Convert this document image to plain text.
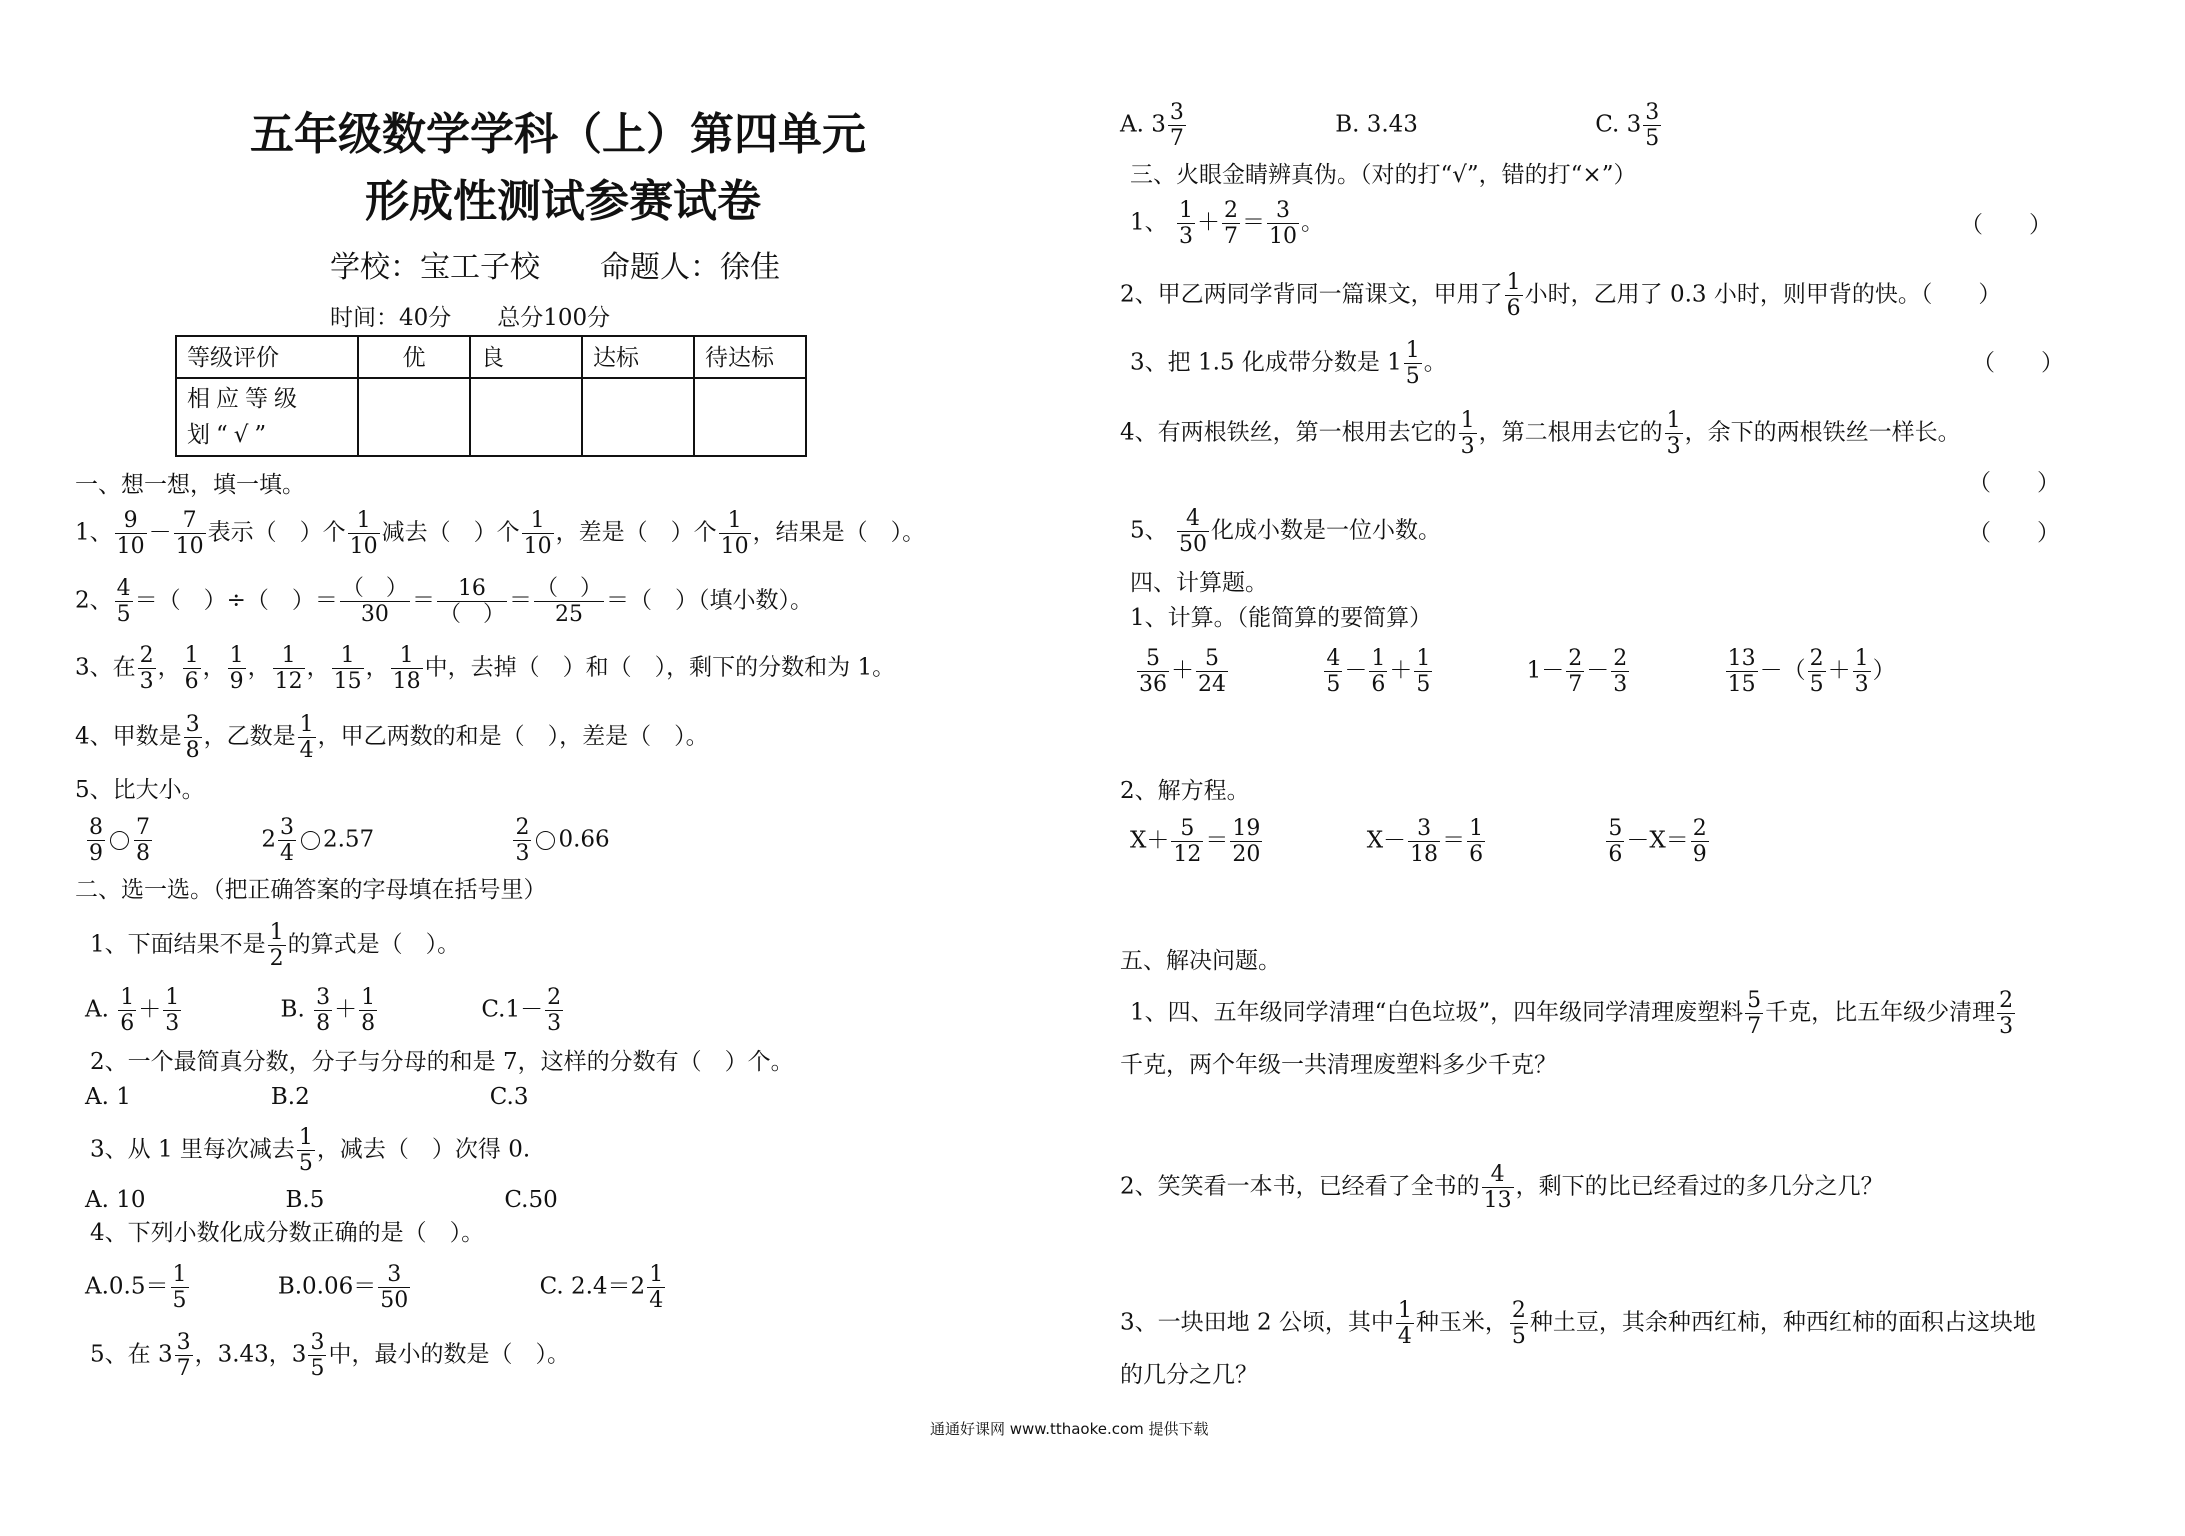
五年级数学学科（上）第四单元
形成性测试参赛试卷
学校：宝工子校　　命题人：徐佳
时间：40分　　总分100分
等级评价	优	良	达标	待达标
相应等级划“√”				
一、想一想，填一填。
1、 $\frac{9}{10} - \frac{7}{10}$ 表示（　）个 $\frac{1}{10}$ 减去（　）个 $\frac{1}{10}$ ，差是（　）个 $\frac{1}{10}$ ，结果是（　）。
2、 $\frac{4}{5}$ ＝（　）÷（　）＝ $\frac{( )}{30} = \frac{16}{( )} = \frac{( )}{25}$ ＝（　）（填小数）。
3、在 $\frac{2}{3}$ ， $\frac{1}{6}$ ， $\frac{1}{9}$ ， $\frac{1}{12}$ ， $\frac{1}{15}$ ， $\frac{1}{18}$ 中，去掉（　）和（　），剩下的分数和为 1。
4、甲数是 $\frac{3}{8}$ ，乙数是 $\frac{1}{4}$ ，甲乙两数的和是（　），差是（　）。
5、比大小。
$\frac{8}{9} \frac{7}{8}$	$2 \frac{3}{4} 2.57$	$\frac{2}{3} 0.66$
二、选一选。（把正确答案的字母填在括号里）
1、下面结果不是 $\frac{1}{2}$ 的算式是（　）。
A. $\frac{1}{6} + \frac{1}{3}$	B. $\frac{3}{8} + \frac{1}{8}$	$C.1- \frac{2}{3}$
2、一个最简真分数，分子与分母的和是 7，这样的分数有（　）个。
A. 1	B.2	C.3
3、从 1 里每次减去 $\frac{1}{5}$ ，减去（　）次得 0.
A. 10	B.5	C.50
4、下列小数化成分数正确的是（　）。
$A.0.5= \frac{1}{5}$	$B.0.06= \frac{3}{50}$	C. $2.4=2 \frac{1}{4}$
5、在 $3 \frac{3}{7}$ ，3.43，$3 \frac{3}{5}$ 中，最小的数是（　）。
A. $3 \frac{3}{7}$	B. 3.43	C. $3 \frac{3}{5}$
三、火眼金睛辨真伪。（对的打“√”，错的打“×”）
1、 $\frac{1}{3} + \frac{2}{7} = \frac{3}{10}$ 。	（　　）
2、甲乙两同学背同一篇课文，甲用了 $\frac{1}{6}$ 小时，乙用了 0.3 小时，则甲背的快。（　　）
3、把 1.5 化成带分数是 $1 \frac{1}{5}$ 。	（　　）
4、有两根铁丝，第一根用去它的 $\frac{1}{3}$ ，第二根用去它的 $\frac{1}{3}$ ，余下的两根铁丝一样长。
（　　）
5、 $\frac{4}{50}$ 化成小数是一位小数。	（　　）
四、计算题。
1、计算。（能简算的要简算）
$\frac{5}{36} + \frac{5}{24}$
	$\frac{4}{5} - \frac{1}{6} + \frac{1}{5}$	$1- \frac{2}{7} - \frac{2}{3}$
	$\frac{13}{15}$ －（ $\frac{2}{5} + \frac{1}{3}$ ）
2、解方程。
$X+ \frac{5}{12} = \frac{19}{20}$	$X- \frac{3}{18} = \frac{1}{6}$
	$\frac{5}{6} -X= \frac{2}{9}$
五、解决问题。
1、四、五年级同学清理“白色垃圾”，四年级同学清理废塑料 $\frac{5}{7}$ 千克，比五年级少清理 $\frac{2}{3}$
千克，两个年级一共清理废塑料多少千克？
2、笑笑看一本书，已经看了全书的 $\frac{4}{13}$ ，剩下的比已经看过的多几分之几？
3、一块田地 2 公顷，其中 $\frac{1}{4}$ 种玉米， $\frac{2}{5}$ 种土豆，其余种西红柿，种西红柿的面积占这块地
的几分之几？
通通好课网 www.tthaoke.com 提供下载
